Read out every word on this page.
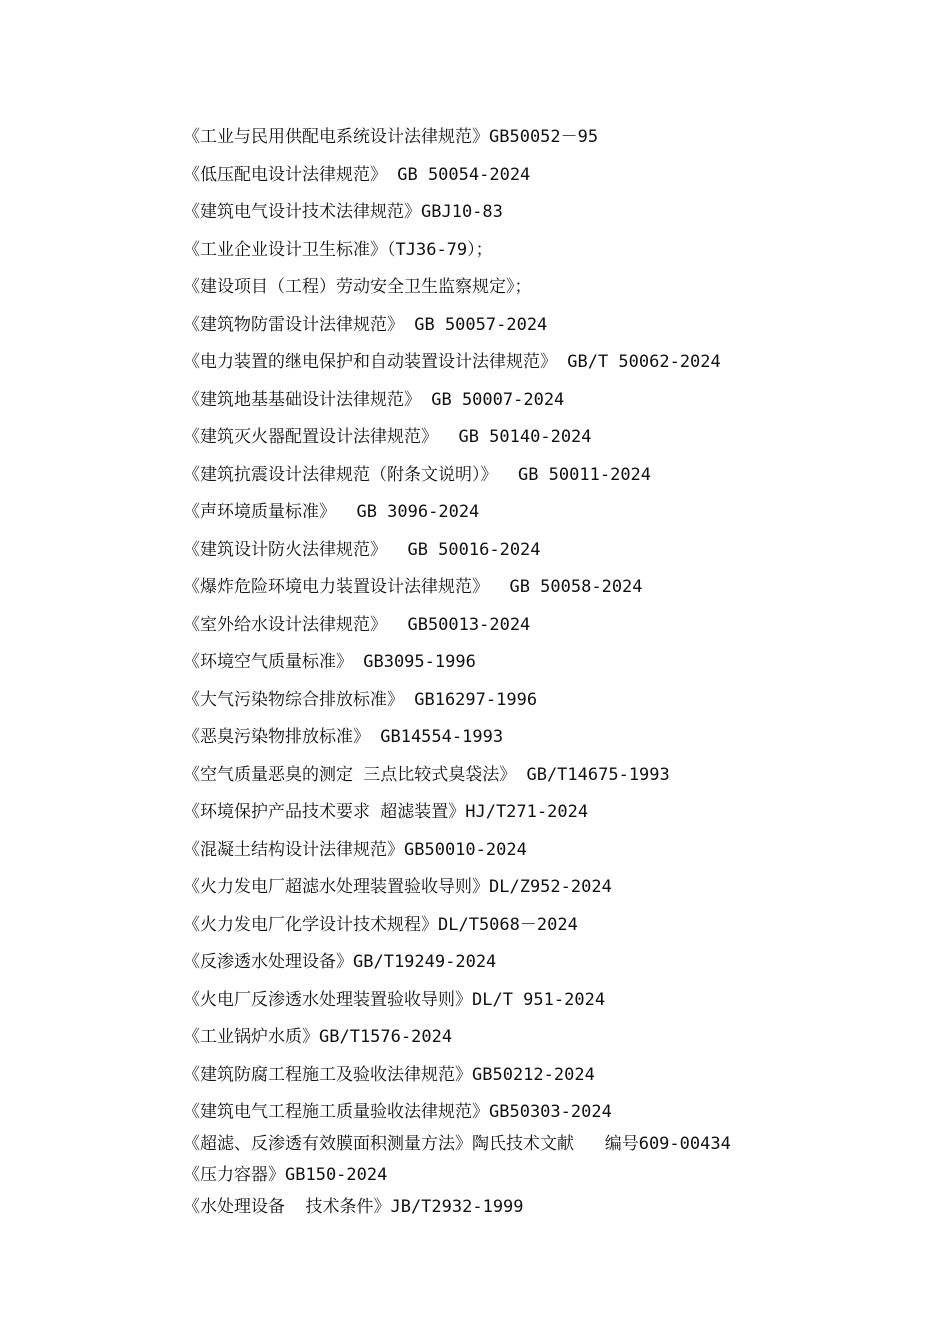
《工业与民用供配电系统设计法律规范》GB50052－95
《低压配电设计法律规范》 GB 50054-2024
《建筑电气设计技术法律规范》GBJ10-83
《工业企业设计卫生标准》（TJ36-79）；
《建设项目（工程）劳动安全卫生监察规定》；
《建筑物防雷设计法律规范》 GB 50057-2024
《电力装置的继电保护和自动装置设计法律规范》 GB/T 50062-2024
《建筑地基基础设计法律规范》 GB 50007-2024
《建筑灭火器配置设计法律规范》  GB 50140-2024
《建筑抗震设计法律规范（附条文说明）》  GB 50011-2024
《声环境质量标准》  GB 3096-2024
《建筑设计防火法律规范》  GB 50016-2024
《爆炸危险环境电力装置设计法律规范》  GB 50058-2024
《室外给水设计法律规范》  GB50013-2024
《环境空气质量标准》 GB3095-1996
《大气污染物综合排放标准》 GB16297-1996
《恶臭污染物排放标准》 GB14554-1993
《空气质量恶臭的测定 三点比较式臭袋法》 GB/T14675-1993
《环境保护产品技术要求 超滤装置》HJ/T271-2024
《混凝土结构设计法律规范》GB50010-2024
《火力发电厂超滤水处理装置验收导则》DL/Z952-2024
《火力发电厂化学设计技术规程》DL/T5068－2024
《反渗透水处理设备》GB/T19249-2024
《火电厂反渗透水处理装置验收导则》DL/T 951-2024
《工业锅炉水质》GB/T1576-2024
《建筑防腐工程施工及验收法律规范》GB50212-2024
《建筑电气工程施工质量验收法律规范》GB50303-2024
《超滤、反渗透有效膜面积测量方法》陶氏技术文献   编号609-00434
《压力容器》GB150-2024
《水处理设备  技术条件》JB/T2932-1999
